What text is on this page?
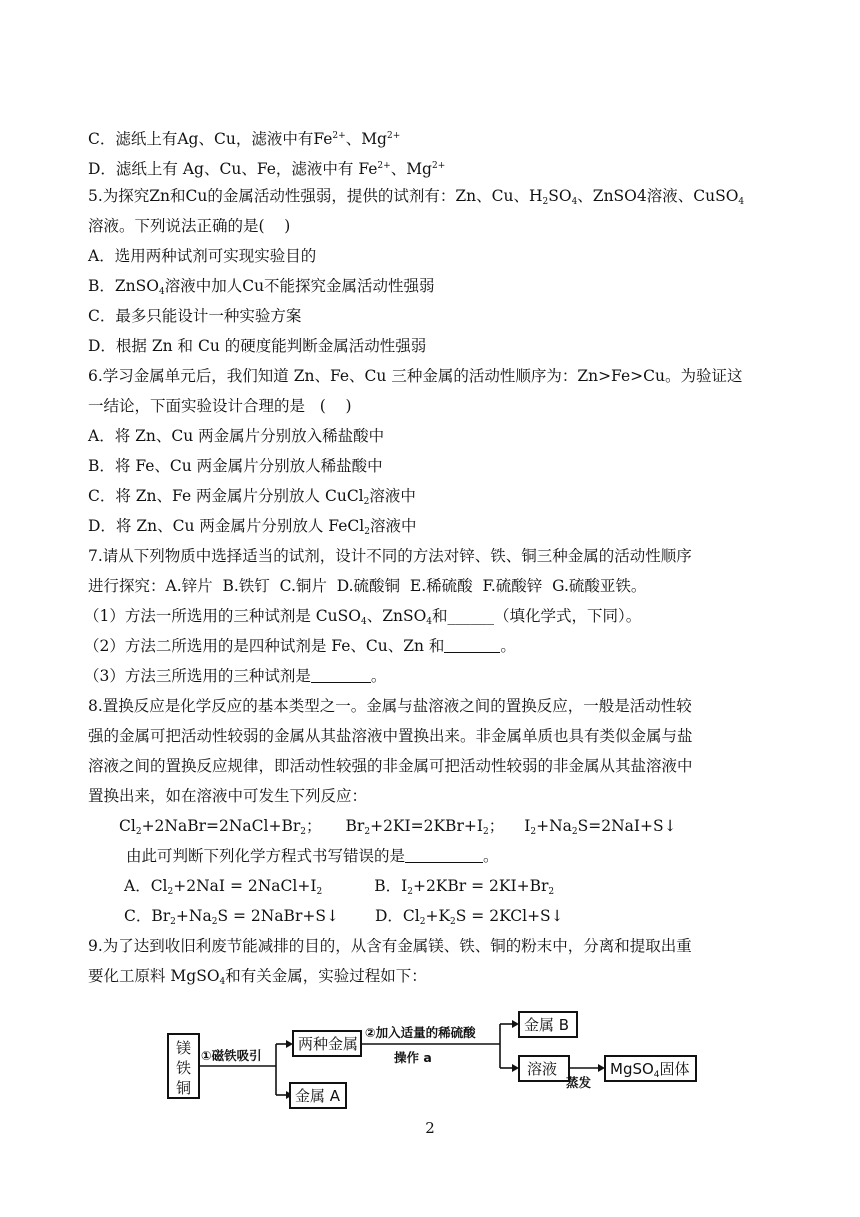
C．滤纸上有Ag、Cu，滤液中有$Fe^{2+}$、$Mg^{2+}$
D．滤纸上有 Ag、Cu、Fe，滤液中有 $Fe^{2+}$、$Mg^{2+}$
5.为探究Zn和Cu的金属活动性强弱，提供的试剂有：Zn、Cu、$H_2SO_4$、ZnSO4溶液、CuSO$_4$
溶液。下列说法正确的是(    )
A．选用两种试剂可实现实验目的
B．ZnSO$_4$溶液中加人Cu不能探究金属活动性强弱
C．最多只能设计一种实验方案
D．根据 Zn 和 Cu 的硬度能判断金属活动性强弱
6.学习金属单元后，我们知道 Zn、Fe、Cu 三种金属的活动性顺序为：Zn>Fe>Cu。为验证这
一结论，下面实验设计合理的是   (    )
A．将 Zn、Cu 两金属片分别放入稀盐酸中
B．将 Fe、Cu 两金属片分别放人稀盐酸中
C．将 Zn、Fe 两金属片分别放人 CuCl$_2$溶液中
D．将 Zn、Cu 两金属片分别放人 FeCl$_2$溶液中
7.请从下列物质中选择适当的试剂，设计不同的方法对锌、铁、铜三种金属的活动性顺序
进行探究：A.锌片  B.铁钉  C.铜片  D.硫酸铜  E.稀硫酸  F.硫酸锌  G.硫酸亚铁。
（1）方法一所选用的三种试剂是 CuSO$_4$、ZnSO$_4$和______（填化学式，下同）。
（2）方法二所选用的是四种试剂是 Fe、Cu、Zn 和	。
（3）方法三所选用的三种试剂是	。
8.置换反应是化学反应的基本类型之一。金属与盐溶液之间的置换反应，一般是活动性较
强的金属可把活动性较弱的金属从其盐溶液中置换出来。非金属单质也具有类似金属与盐
溶液之间的置换反应规律，即活动性较强的非金属可把活动性较弱的非金属从其盐溶液中
置换出来，如在溶液中可发生下列反应：
$Cl_2+2NaBr=2NaCl+Br_2$； $Br_2+2KI=2KBr+I_2$； $I_2+Na_2S=2NaI+S↓$
由此可判断下列化学方程式书写错误的是	。
A．$Cl_2+2NaI$ = $2NaCl+I_2$	B．$I_2+2KBr = 2KI+Br_2$
C．$Br_2+Na_2S$ = 2NaBr+S↓ D．$Cl_2+K_2S$ = 2KCl+S↓
9.为了达到收旧利废节能减排的目的，从含有金属镁、铁、铜的粉末中，分离和提取出重
要化工原料 MgSO$_4$和有关金属，实验过程如下：
镁
铁
铜
①磁铁吸引
两种金属
金属 A
②加入适量的稀硫酸
操作 a
金属 B
溶液
蒸发
MgSO$_4$固体
2
